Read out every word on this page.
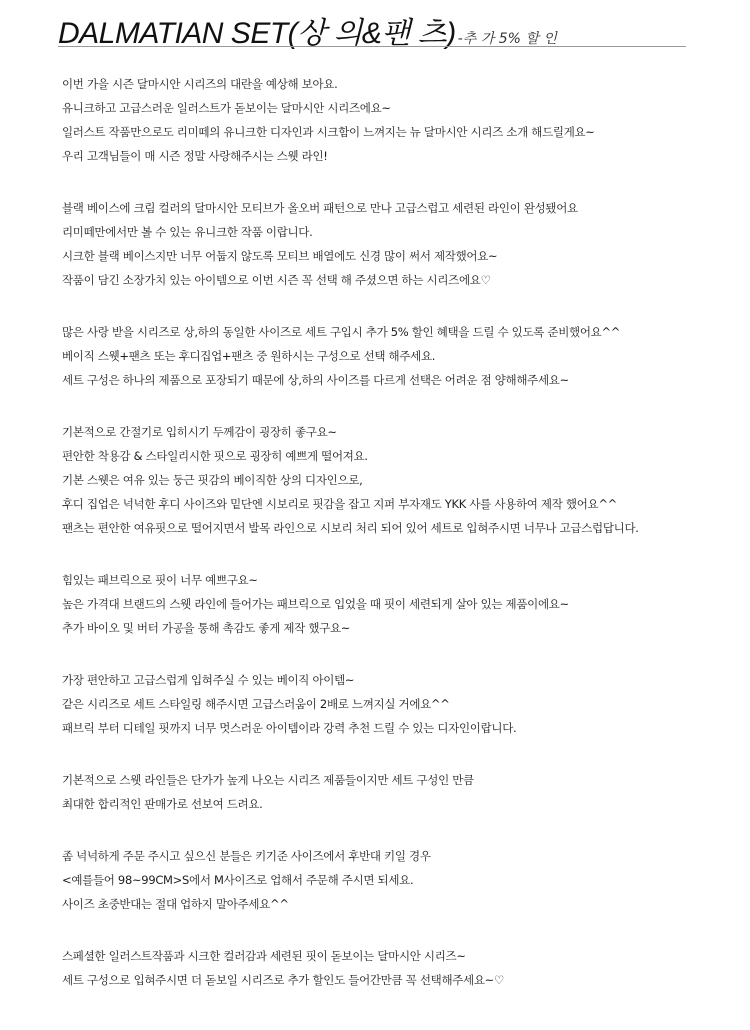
DALMATIAN SET(상 의&팬 츠) -추 가 5% 할 인
이번 가을 시즌 달마시안 시리즈의 대란을 예상해 보아요.
유니크하고 고급스러운 일러스트가 돋보이는 달마시안 시리즈에요~
일러스트 작품만으로도 리미떼의 유니크한 디자인과 시크함이 느껴지는 뉴 달마시안 시리즈 소개 해드릴게요~
우리 고객님들이 매 시즌 정말 사랑해주시는 스웻 라인!
블랙 베이스에 크림 컬러의 달마시안 모티브가 올오버 패턴으로 만나 고급스럽고 세련된 라인이 완성됐어요
리미떼만에서만 볼 수 있는 유니크한 작품 이랍니다.
시크한 블랙 베이스지만 너무 어둡지 않도록 모티브 배열에도 신경 많이 써서 제작했어요~
작품이 담긴 소장가치 있는 아이템으로 이번 시즌 꼭 선택 해 주셨으면 하는 시리즈에요♡
많은 사랑 받을 시리즈로 상,하의 동일한 사이즈로 세트 구입시 추가 5% 할인 혜택을 드릴 수 있도록 준비했어요^^
베이직 스웻+팬츠 또는 후디집업+팬츠 중 원하시는 구성으로 선택 해주세요.
세트 구성은 하나의 제품으로 포장되기 때문에 상,하의 사이즈를 다르게 선택은 어려운 점 양해해주세요~
기본적으로 간절기로 입히시기 두께감이 굉장히 좋구요~
편안한 착용감 & 스타일리시한 핏으로 굉장히 예쁘게 떨어져요.
기본 스웻은 여유 있는 둥근 핏감의 베이직한 상의 디자인으로,
후디 집업은 넉넉한 후디 사이즈와 밑단엔 시보리로 핏감을 잡고 지퍼 부자재도 YKK 사를 사용하여 제작 했어요^^
팬츠는 편안한 여유핏으로 떨어지면서 발목 라인으로 시보리 처리 되어 있어 세트로 입혀주시면 너무나 고급스럽답니다.
힘있는 패브릭으로 핏이 너무 예쁘구요~
높은 가격대 브랜드의 스웻 라인에 들어가는 패브릭으로 입었을 때 핏이 세련되게 살아 있는 제품이에요~
추가 바이오 및 버터 가공을 통해 촉감도 좋게 제작 했구요~
가장 편안하고 고급스럽게 입혀주실 수 있는 베이직 아이템~
같은 시리즈로 세트 스타일링 해주시면 고급스러움이 2배로 느껴지실 거에요^^
패브릭 부터 디테일 핏까지 너무 멋스러운 아이템이라 강력 추천 드릴 수 있는 디자인이랍니다.
기본적으로 스웻 라인들은 단가가 높게 나오는 시리즈 제품들이지만 세트 구성인 만큼
최대한 합리적인 판매가로 선보여 드려요.
좀 넉넉하게 주문 주시고 싶으신 분들은 키기준 사이즈에서 후반대 키일 경우
<예를들어 98~99CM>S에서 M사이즈로 업해서 주문해 주시면 되세요.
사이즈 초중반대는 절대 업하지 말아주세요^^
스페셜한 일러스트작품과 시크한 컬러감과 세련된 핏이 돋보이는 달마시안 시리즈~
세트 구성으로 입혀주시면 더 돋보일 시리즈로 추가 할인도 들어간만큼 꼭 선택해주세요~♡
